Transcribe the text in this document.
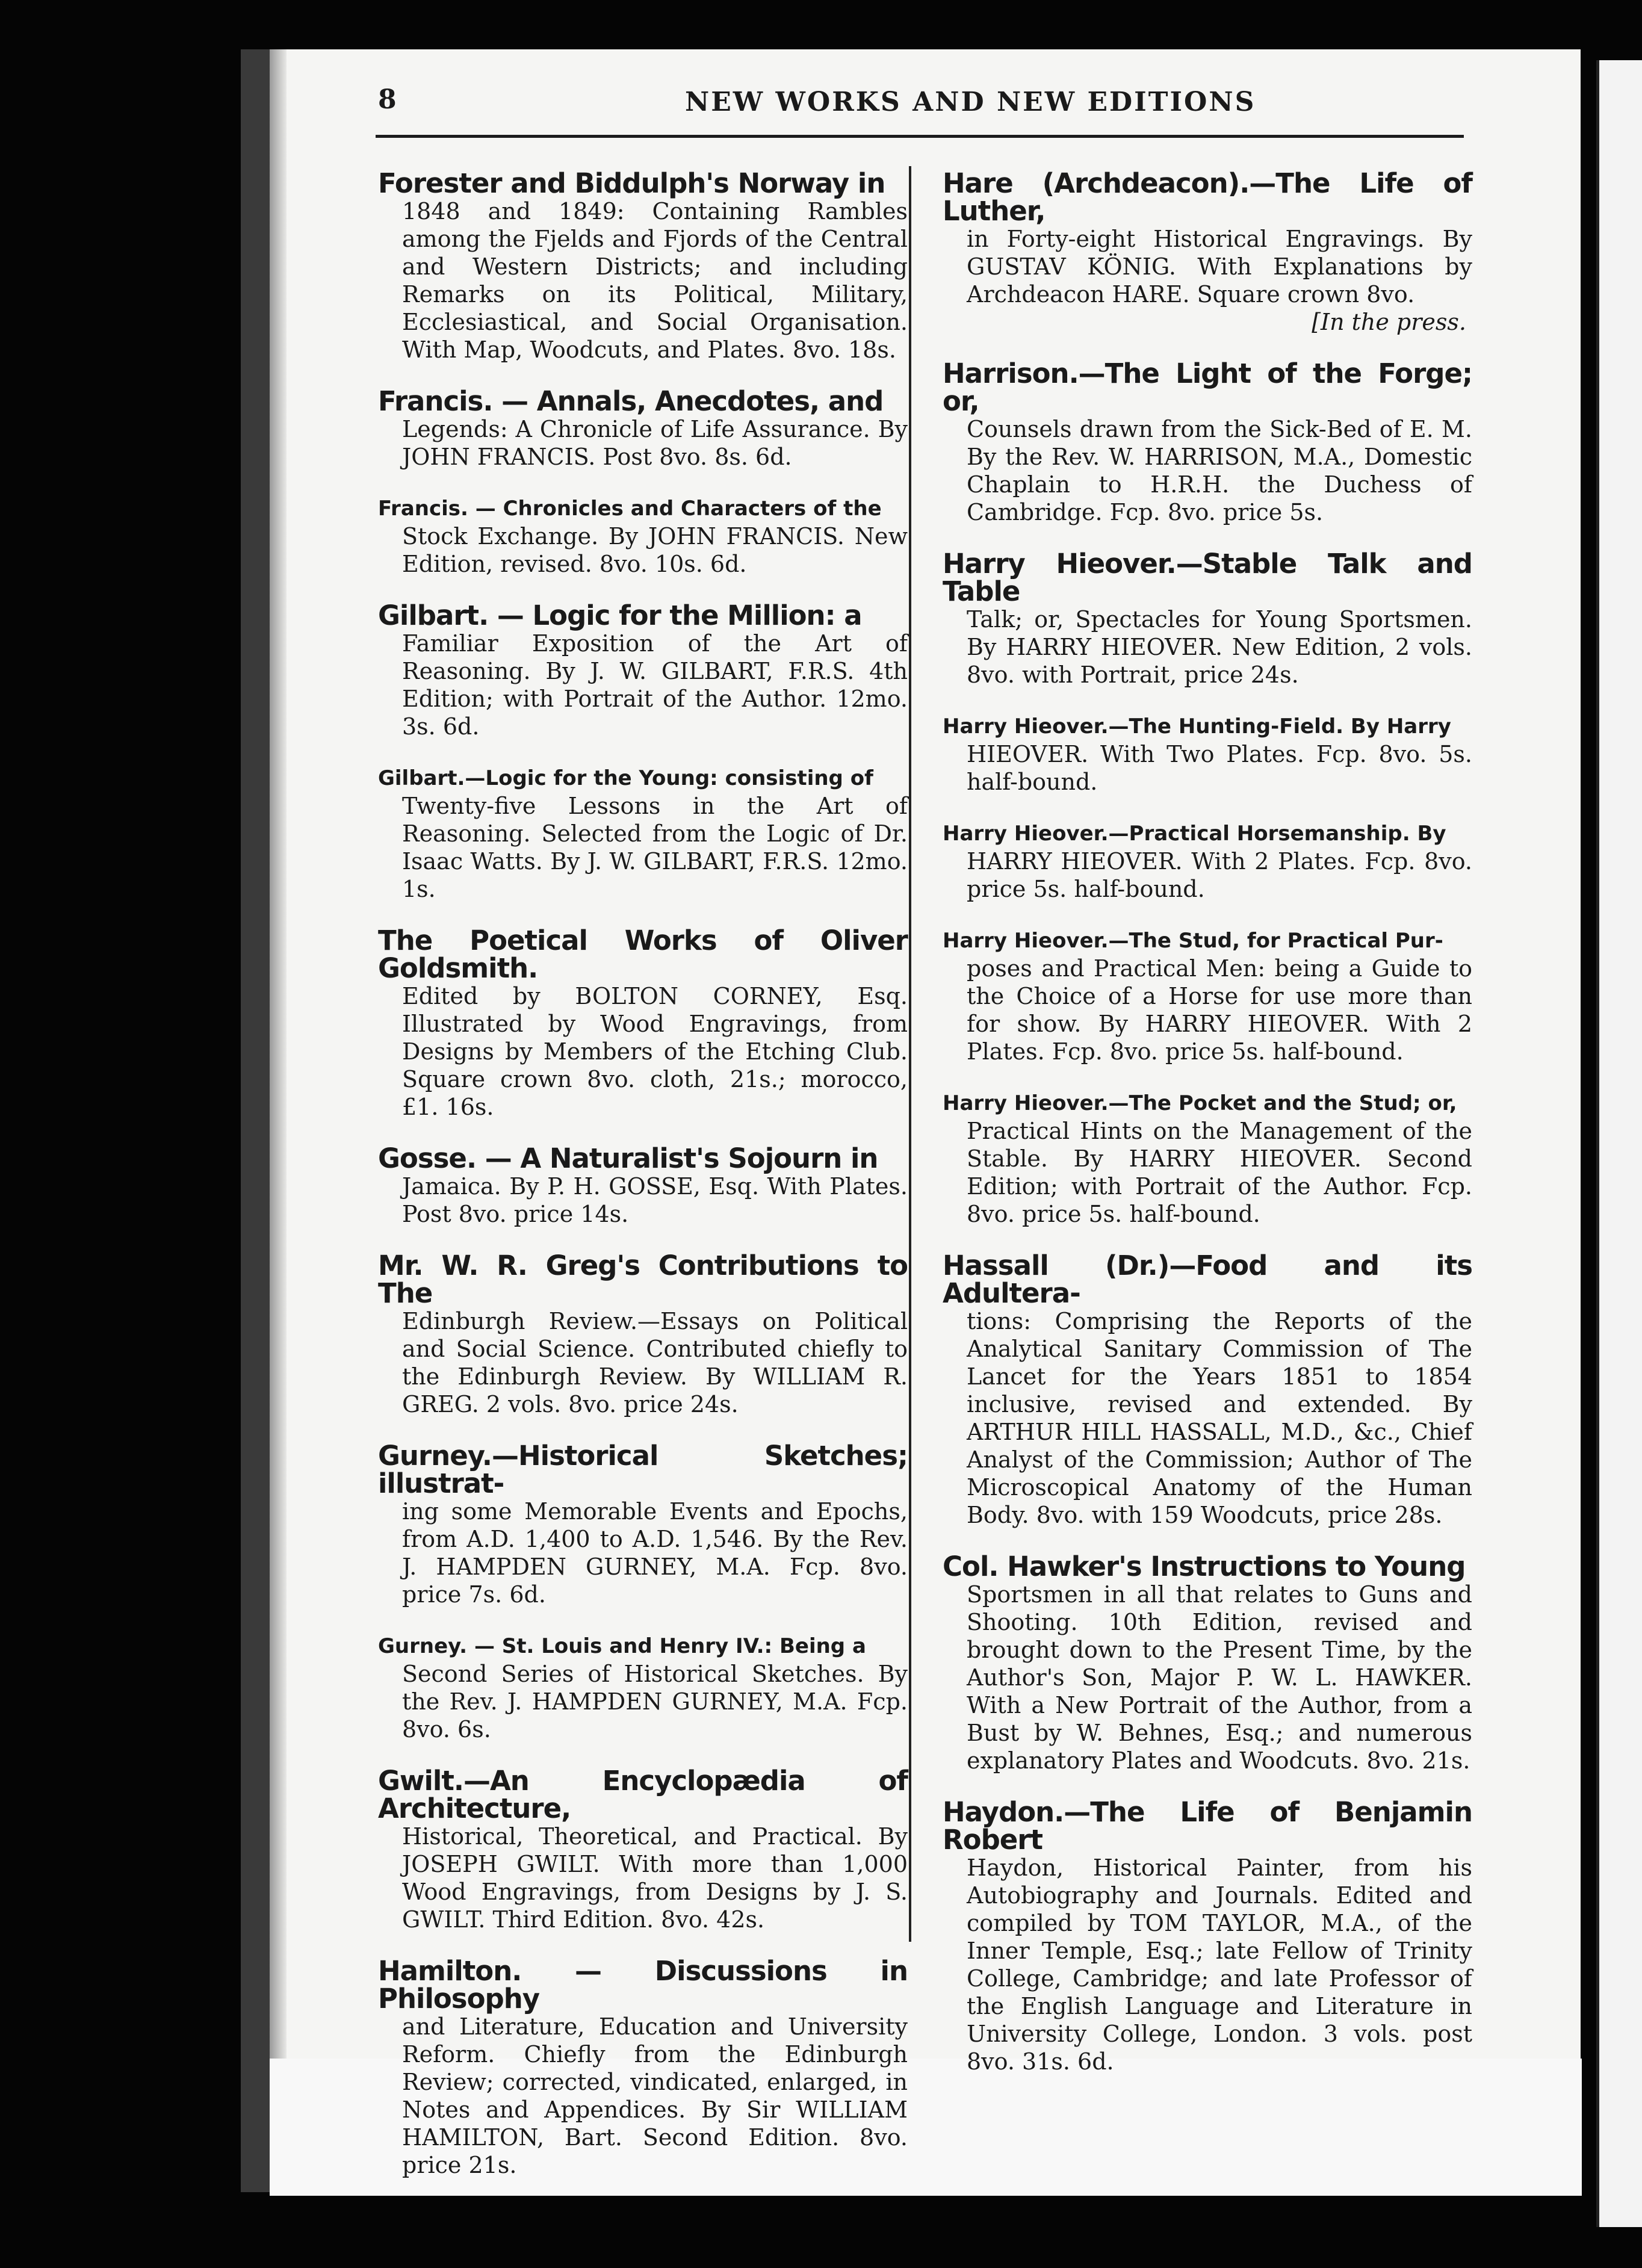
8	NEW WORKS AND NEW EDITIONS
Forester and Biddulph's Norway in
1848 and 1849: Containing Rambles among the Fjelds and Fjords of the Central and Western Districts; and including Remarks on its Political, Military, Ecclesiastical, and Social Organisation. With Map, Woodcuts, and Plates. 8vo. 18s.
Francis. — Annals, Anecdotes, and
Legends: A Chronicle of Life Assurance. By JOHN FRANCIS. Post 8vo. 8s. 6d.
Francis. — Chronicles and Characters of the
Stock Exchange. By JOHN FRANCIS. New Edition, revised. 8vo. 10s. 6d.
Gilbart. — Logic for the Million: a
Familiar Exposition of the Art of Reasoning. By J. W. GILBART, F.R.S. 4th Edition; with Portrait of the Author. 12mo. 3s. 6d.
Gilbart.—Logic for the Young: consisting of
Twenty-five Lessons in the Art of Reasoning. Selected from the Logic of Dr. Isaac Watts. By J. W. GILBART, F.R.S. 12mo. 1s.
The Poetical Works of Oliver Goldsmith.
Edited by BOLTON CORNEY, Esq. Illustrated by Wood Engravings, from Designs by Members of the Etching Club. Square crown 8vo. cloth, 21s.; morocco, £1. 16s.
Gosse. — A Naturalist's Sojourn in
Jamaica. By P. H. GOSSE, Esq. With Plates. Post 8vo. price 14s.
Mr. W. R. Greg's Contributions to The
Edinburgh Review.—Essays on Political and Social Science. Contributed chiefly to the Edinburgh Review. By WILLIAM R. GREG. 2 vols. 8vo. price 24s.
Gurney.—Historical Sketches; illustrat-
ing some Memorable Events and Epochs, from A.D. 1,400 to A.D. 1,546. By the Rev. J. HAMPDEN GURNEY, M.A. Fcp. 8vo. price 7s. 6d.
Gurney. — St. Louis and Henry IV.: Being a
Second Series of Historical Sketches. By the Rev. J. HAMPDEN GURNEY, M.A. Fcp. 8vo. 6s.
Gwilt.—An Encyclopædia of Architecture,
Historical, Theoretical, and Practical. By JOSEPH GWILT. With more than 1,000 Wood Engravings, from Designs by J. S. GWILT. Third Edition. 8vo. 42s.
Hamilton. — Discussions in Philosophy
and Literature, Education and University Reform. Chiefly from the Edinburgh Review; corrected, vindicated, enlarged, in Notes and Appendices. By Sir WILLIAM HAMILTON, Bart. Second Edition. 8vo. price 21s.
Hare (Archdeacon).—The Life of Luther,
in Forty-eight Historical Engravings. By GUSTAV KÖNIG. With Explanations by Archdeacon HARE. Square crown 8vo.
[In the press.
Harrison.—The Light of the Forge; or,
Counsels drawn from the Sick-Bed of E. M. By the Rev. W. HARRISON, M.A., Domestic Chaplain to H.R.H. the Duchess of Cambridge. Fcp. 8vo. price 5s.
Harry Hieover.—Stable Talk and Table
Talk; or, Spectacles for Young Sportsmen. By HARRY HIEOVER. New Edition, 2 vols. 8vo. with Portrait, price 24s.
Harry Hieover.—The Hunting-Field. By Harry
HIEOVER. With Two Plates. Fcp. 8vo. 5s. half-bound.
Harry Hieover.—Practical Horsemanship. By
HARRY HIEOVER. With 2 Plates. Fcp. 8vo. price 5s. half-bound.
Harry Hieover.—The Stud, for Practical Pur-
poses and Practical Men: being a Guide to the Choice of a Horse for use more than for show. By HARRY HIEOVER. With 2 Plates. Fcp. 8vo. price 5s. half-bound.
Harry Hieover.—The Pocket and the Stud; or,
Practical Hints on the Management of the Stable. By HARRY HIEOVER. Second Edition; with Portrait of the Author. Fcp. 8vo. price 5s. half-bound.
Hassall (Dr.)—Food and its Adultera-
tions: Comprising the Reports of the Analytical Sanitary Commission of The Lancet for the Years 1851 to 1854 inclusive, revised and extended. By ARTHUR HILL HASSALL, M.D., &c., Chief Analyst of the Commission; Author of The Microscopical Anatomy of the Human Body. 8vo. with 159 Woodcuts, price 28s.
Col. Hawker's Instructions to Young
Sportsmen in all that relates to Guns and Shooting. 10th Edition, revised and brought down to the Present Time, by the Author's Son, Major P. W. L. HAWKER. With a New Portrait of the Author, from a Bust by W. Behnes, Esq.; and numerous explanatory Plates and Woodcuts. 8vo. 21s.
Haydon.—The Life of Benjamin Robert
Haydon, Historical Painter, from his Autobiography and Journals. Edited and compiled by TOM TAYLOR, M.A., of the Inner Temple, Esq.; late Fellow of Trinity College, Cambridge; and late Professor of the English Language and Literature in University College, London. 3 vols. post 8vo. 31s. 6d.
